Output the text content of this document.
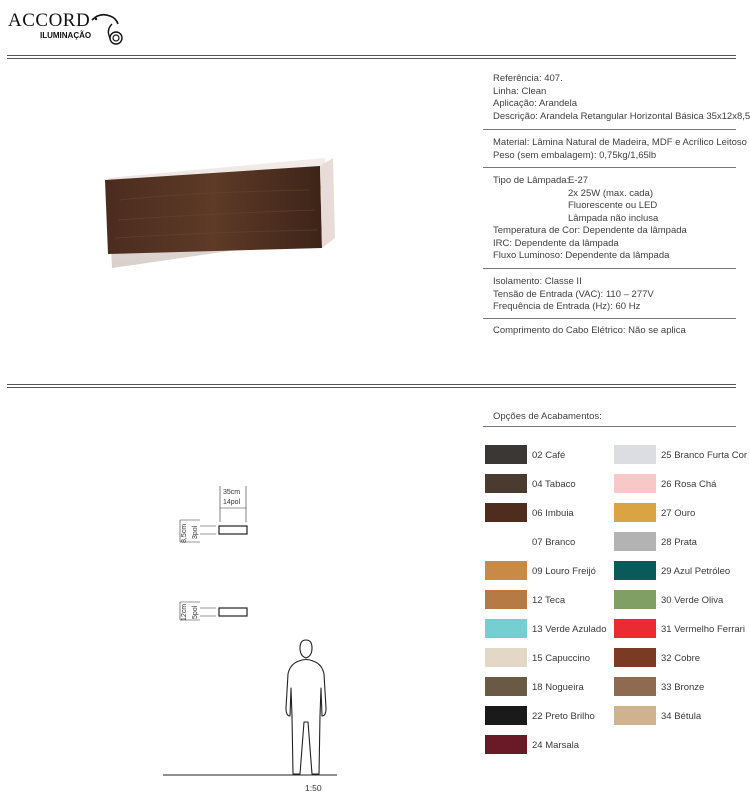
ACCORD
ILUMINAÇÃO
Referência: 407.
Linha: Clean
Aplicação: Arandela
Descrição: Arandela Retangular Horizontal Básica 35x12x8,5
Material: Lâmina Natural de Madeira, MDF e Acrílico Leitoso
Peso (sem embalagem): 0,75kg/1,65lb
Tipo de Lâmpada:
E-27
2x 25W (max. cada)
Fluorescente ou LED
Lâmpada não inclusa
Temperatura de Cor: Dependente da lâmpada
IRC: Dependente da lâmpada
Fluxo Luminoso: Dependente da lâmpada
Isolamento: Classe II
Tensão de Entrada (VAC): 110 – 277V
Frequência de Entrada (Hz): 60 Hz
Comprimento do Cabo Elétrico: Não se aplica
Opções de Acabamentos:
02 Café
04 Tabaco
06 Imbuia
07 Branco
09 Louro Freijó
12 Teca
13 Verde Azulado
15 Capuccino
18 Nogueira
22 Preto Brilho
24 Marsala
25 Branco Furta Cor
26 Rosa Chá
27 Ouro
28 Prata
29 Azul Petróleo
30 Verde Oliva
31 Vermelho Ferrari
32 Cobre
33 Bronze
34 Bétula
35cm
14pol
8,5cm 3pol
12cm 5pol
1:50
